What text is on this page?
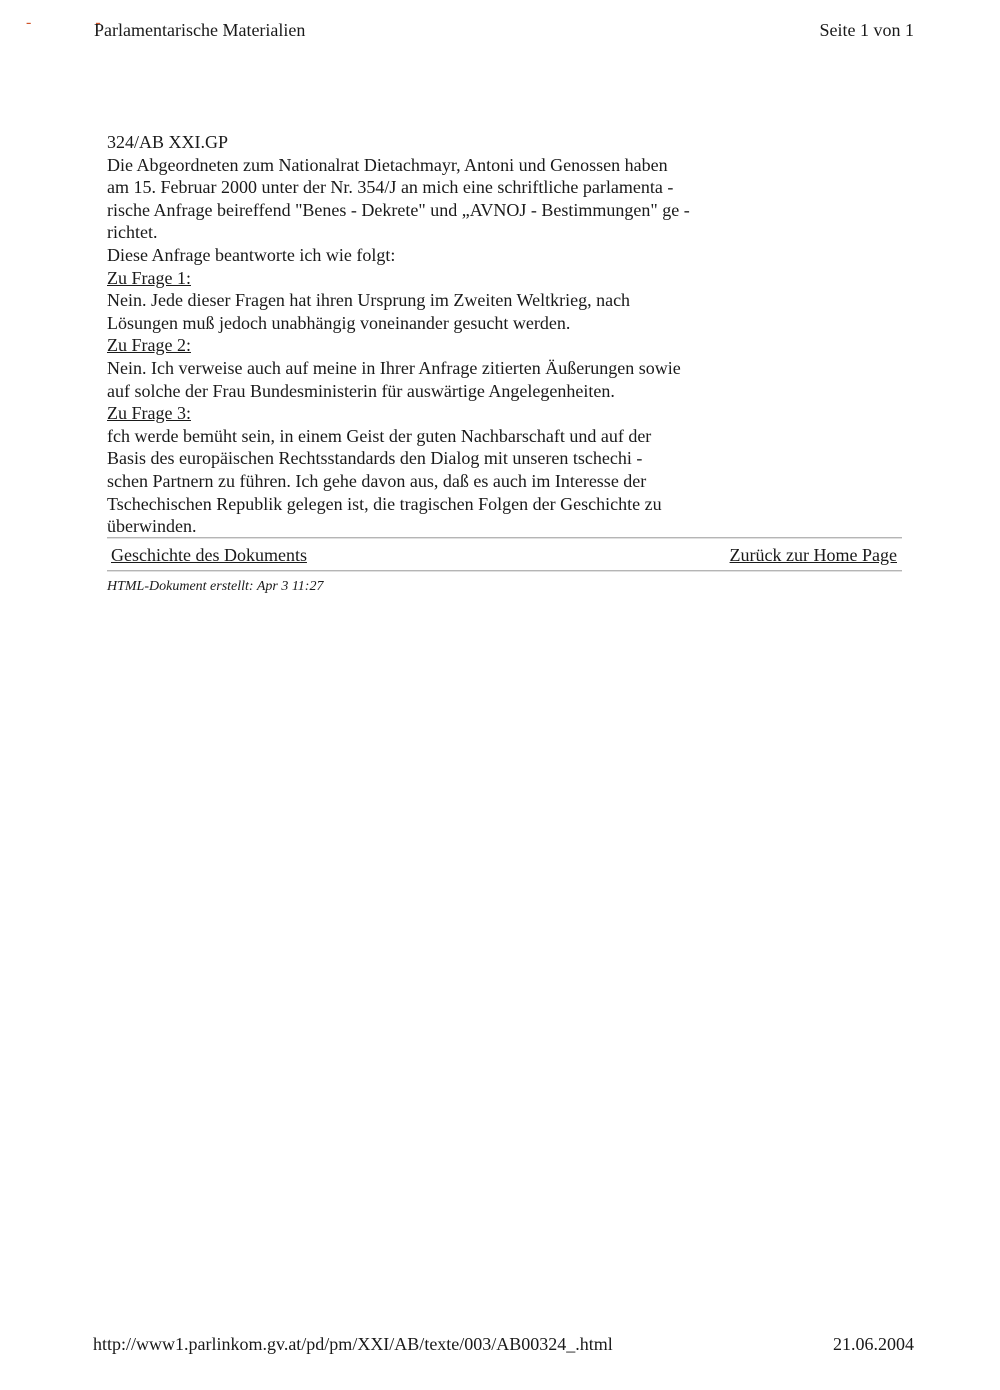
- -
Parlamentarische Materialien	Seite 1 von 1

324/AB XXI.GP

Die Abgeordneten zum Nationalrat Dietachmayr, Antoni und Genossen haben

am 15. Februar 2000 unter der Nr. 354/J an mich eine schriftliche parlamenta -

rische Anfrage beireffend "Benes - Dekrete" und „AVNOJ - Bestimmungen" ge -

richtet.

Diese Anfrage beantworte ich wie folgt:

Zu Frage 1:

Nein. Jede dieser Fragen hat ihren Ursprung im Zweiten Weltkrieg, nach

Lösungen muß jedoch unabhängig voneinander gesucht werden.

Zu Frage 2:

Nein. Ich verweise auch auf meine in Ihrer Anfrage zitierten Äußerungen sowie

auf solche der Frau Bundesministerin für auswärtige Angelegenheiten.

Zu Frage 3:

fch werde bemüht sein, in einem Geist der guten Nachbarschaft und auf der

Basis des europäischen Rechtsstandards den Dialog mit unseren tschechi -

schen Partnern zu führen. Ich gehe davon aus, daß es auch im Interesse der

Tschechischen Republik gelegen ist, die tragischen Folgen der Geschichte zu

überwinden.

Geschichte des Dokuments	Zurück zur Home Page
HTML-Dokument erstellt: Apr 3 11:27
http://www1.parlinkom.gv.at/pd/pm/XXI/AB/texte/003/AB00324_.html	21.06.2004
